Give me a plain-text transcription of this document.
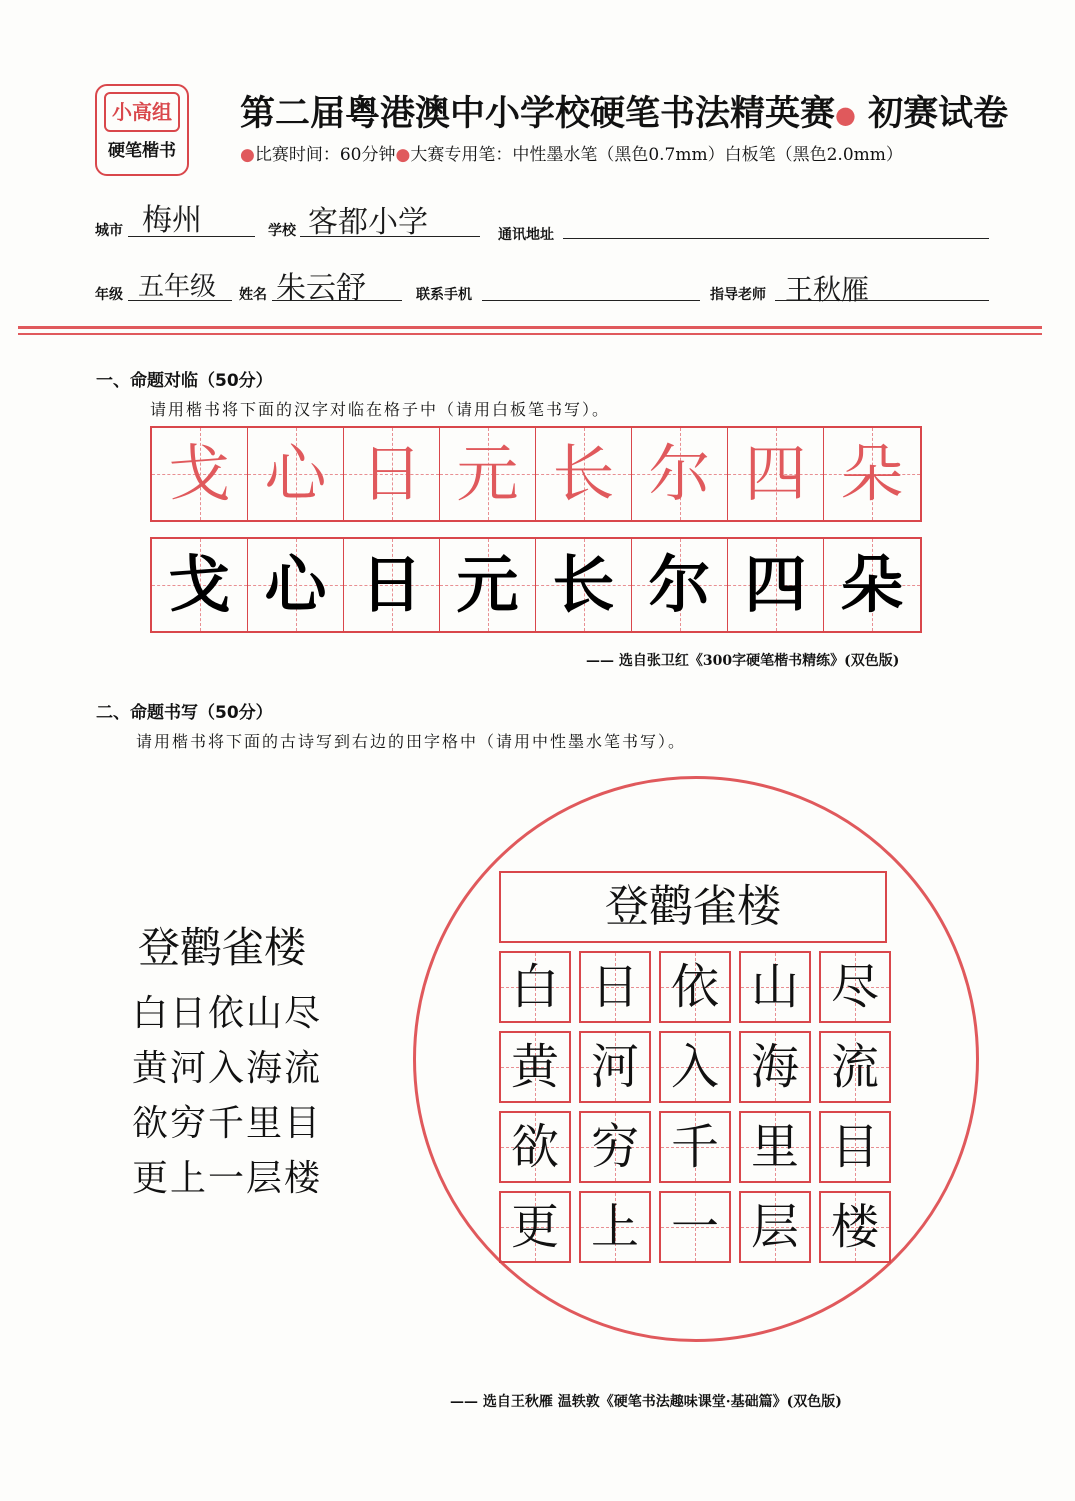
小高组
硬笔楷书
第二届粤港澳中小学校硬笔书法精英赛● 初赛试卷
●比赛时间：60分钟●大赛专用笔：中性墨水笔（黑色0.7mm）白板笔（黑色2.0mm）
城市 梅州	学校 客都小学	通讯地址
年级 五年级 姓名 朱云舒	联系手机	指导老师 王秋雁
一、命题对临（50分）
请用楷书将下面的汉字对临在格子中（请用白板笔书写）。
戈 心 日 元 长 尔 四 朵
戈 心 日 元 长 尔 四 朵
—— 选自张卫红《300字硬笔楷书精练》(双色版)
二、命题书写（50分）
请用楷书将下面的古诗写到右边的田字格中（请用中性墨水笔书写）。
登鹳雀楼
白日依山尽
黄河入海流
欲穷千里目
更上一层楼
登鹳雀楼
白 日 依 山 尽
黄 河 入 海 流
欲 穷 千 里 目
更 上 一 层 楼
—— 选自王秋雁 温轶敦《硬笔书法趣味课堂·基础篇》(双色版)
